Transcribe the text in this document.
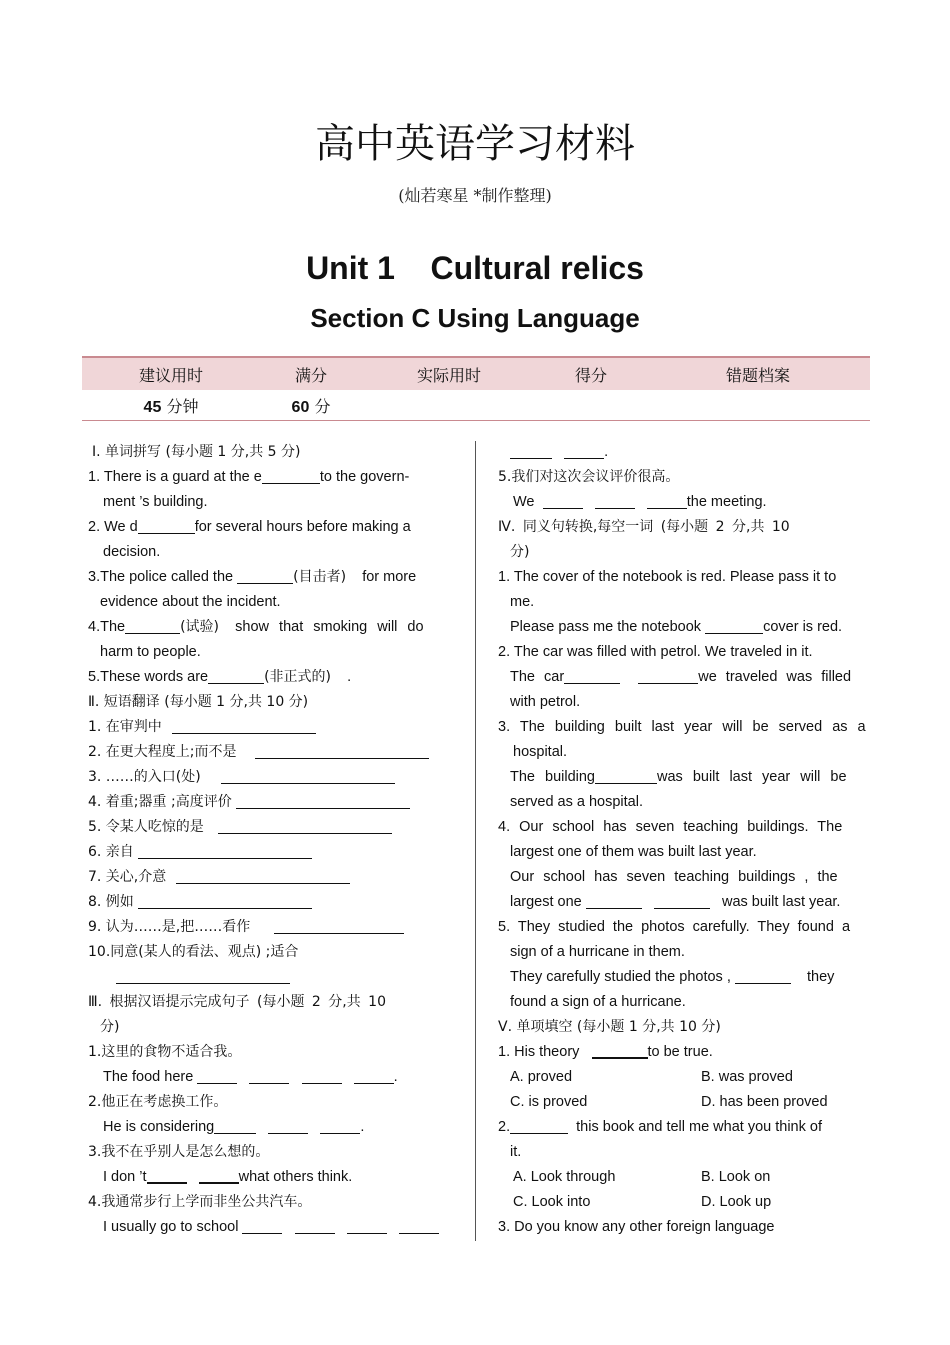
高中英语学习材料
(灿若寒星 *制作整理)
Unit 1    Cultural relics
Section C Using Language
建议用时	满分	实际用时	得分	错题档案
45 分钟	60 分			
Ⅰ. 单词拼写 (每小题 1 分,共 5 分)
1. There is a guard at the e	to the govern-
ment ’s building.
2. We d	for several hours before making a
decision.
3.The police called the	(目击者) for more
evidence about the incident.
4.The	(试验) show that smoking will do
harm to people.
5.These words are	(非正式的) .
Ⅱ. 短语翻译 (每小题 1 分,共 10 分)
1. 在审判中
2. 在更大程度上;而不是
3. ……的入口(处)
4. 着重;器重 ;高度评价
5. 令某人吃惊的是
6. 亲自
7. 关心,介意
8. 例如
9. 认为……是,把……看作
10.同意(某人的看法、观点) ;适合
Ⅲ. 根据汉语提示完成句子 (每小题 2 分,共 10
分)
1.这里的食物不适合我。
The food here	.
2.他正在考虑换工作。
He is considering	.
3.我不在乎别人是怎么想的。
I don ’t	what others think.
4.我通常步行上学而非坐公共汽车。
I usually go to school
.
5.我们对这次会议评价很高。
We	the meeting.
Ⅳ. 同义句转换,每空一词 (每小题 2 分,共 10
分)
1. The cover of the notebook is red. Please pass it to
me.
Please pass me the notebook	cover is red.
2. The car was filled with petrol. We traveled in it.
The car	we traveled was filled
with petrol.
3. The building built last year will be served as a
hospital.
The building	was built last year will be
served as a hospital.
4. Our school has seven teaching buildings. The
largest one of them was built last year.
Our school has seven teaching buildings , the
largest one	was built last year.
5. They studied the photos carefully. They found a
sign of a hurricane in them.
They carefully studied the photos ,	they
found a sign of a hurricane.
Ⅴ. 单项填空 (每小题 1 分,共 10 分)
1. His theory	to be true.
A. proved	B. was proved
C. is proved	D. has been proved
2.	this book and tell me what you think of
it.
A. Look through	B. Look on
C. Look into	D. Look up
3. Do you know any other foreign language
